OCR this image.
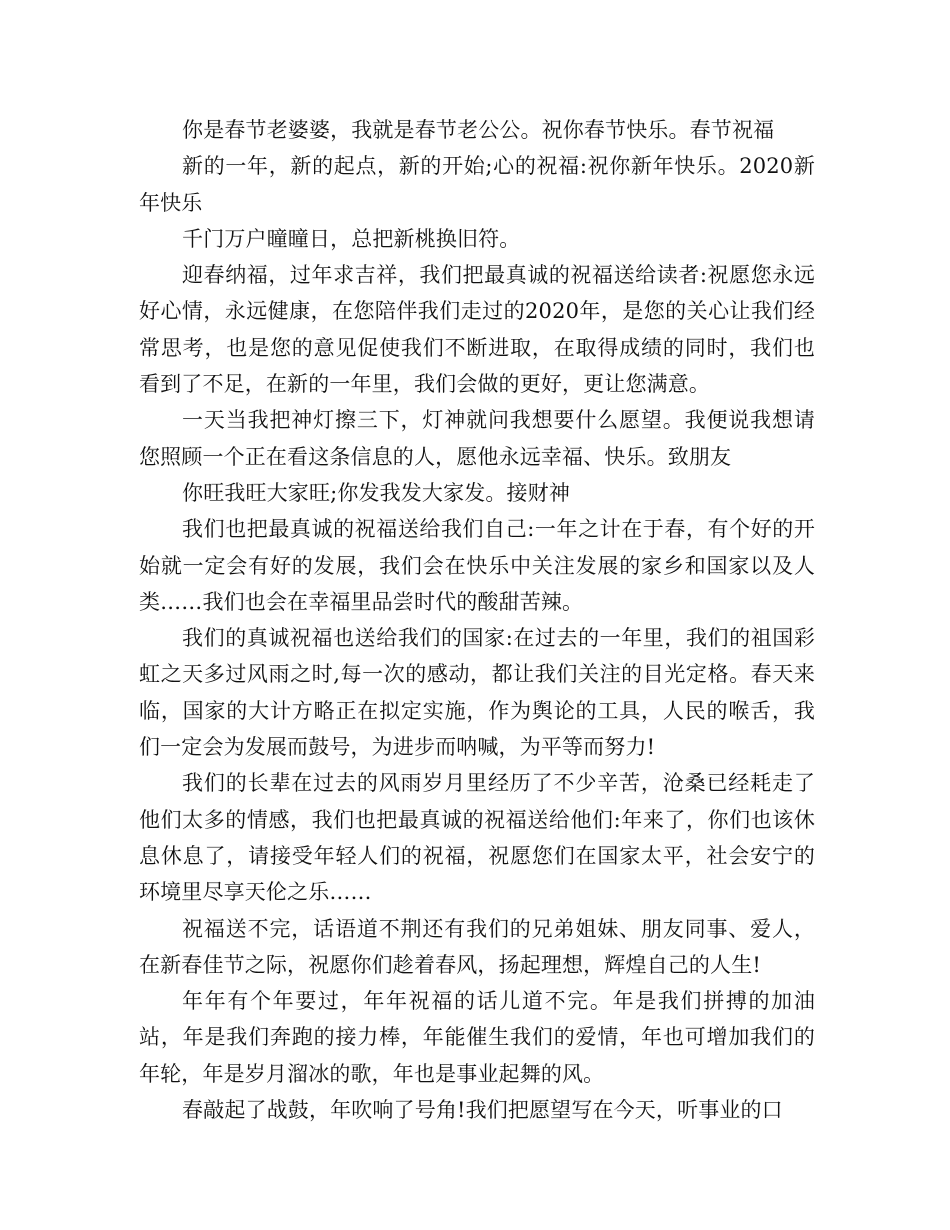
你是春节老婆婆，我就是春节老公公。祝你春节快乐。春节祝福

新的一年，新的起点，新的开始;心的祝福:祝你新年快乐。2020新年快乐

千门万户曈曈日，总把新桃换旧符。

迎春纳福，过年求吉祥，我们把最真诚的祝福送给读者:祝愿您永远好心情，永远健康，在您陪伴我们走过的2020年，是您的关心让我们经常思考，也是您的意见促使我们不断进取，在取得成绩的同时，我们也看到了不足，在新的一年里，我们会做的更好，更让您满意。

一天当我把神灯擦三下，灯神就问我想要什么愿望。我便说我想请您照顾一个正在看这条信息的人，愿他永远幸福、快乐。致朋友

你旺我旺大家旺;你发我发大家发。接财神

我们也把最真诚的祝福送给我们自己:一年之计在于春，有个好的开始就一定会有好的发展，我们会在快乐中关注发展的家乡和国家以及人类……我们也会在幸福里品尝时代的酸甜苦辣。

我们的真诚祝福也送给我们的国家:在过去的一年里，我们的祖国彩虹之天多过风雨之时,每一次的感动，都让我们关注的目光定格。春天来临，国家的大计方略正在拟定实施，作为舆论的工具，人民的喉舌，我们一定会为发展而鼓号，为进步而呐喊，为平等而努力!

我们的长辈在过去的风雨岁月里经历了不少辛苦，沧桑已经耗走了他们太多的情感，我们也把最真诚的祝福送给他们:年来了，你们也该休息休息了，请接受年轻人们的祝福，祝愿您们在国家太平，社会安宁的环境里尽享天伦之乐……

祝福送不完，话语道不荆还有我们的兄弟姐妹、朋友同事、爱人，在新春佳节之际，祝愿你们趁着春风，扬起理想，辉煌自己的人生!

年年有个年要过，年年祝福的话儿道不完。年是我们拼搏的加油站，年是我们奔跑的接力棒，年能催生我们的爱情，年也可增加我们的年轮，年是岁月溜冰的歌，年也是事业起舞的风。

春敲起了战鼓，年吹响了号角!我们把愿望写在今天，听事业的口
